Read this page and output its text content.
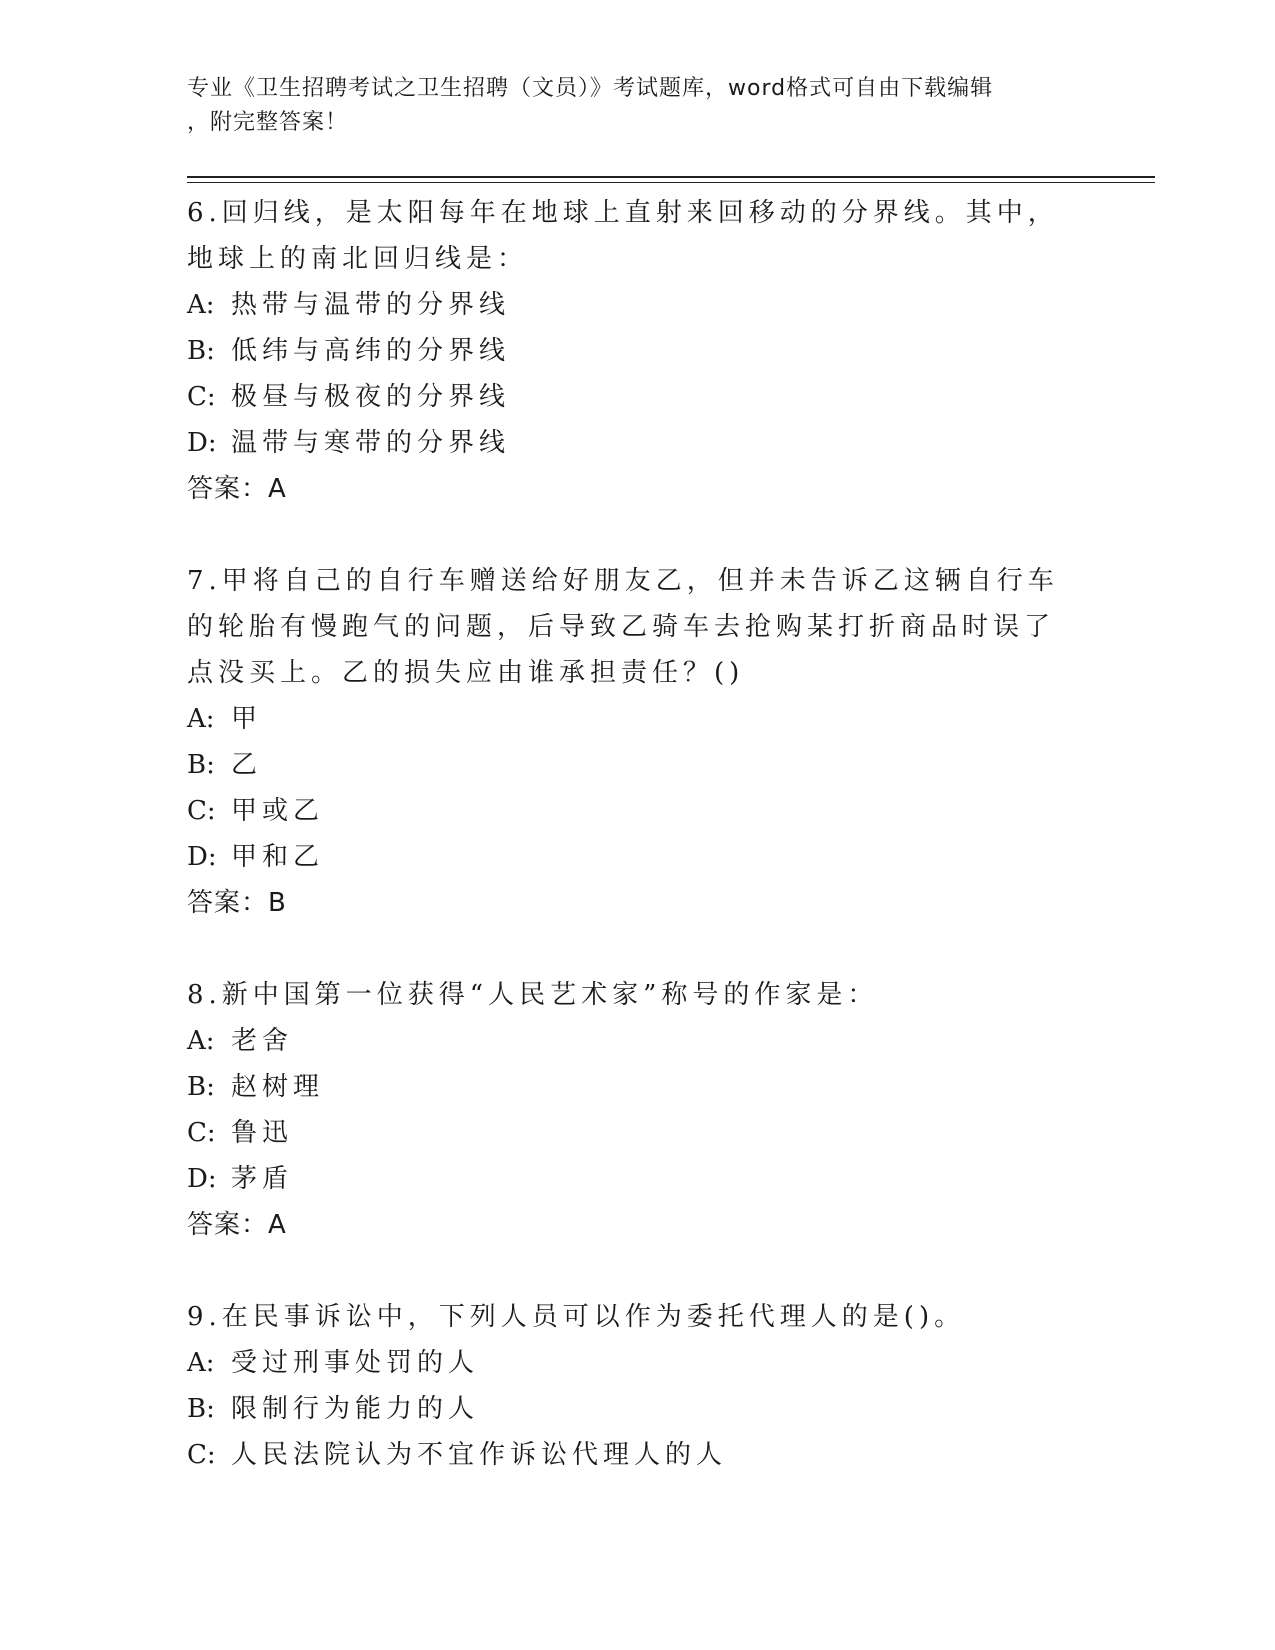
专业《卫生招聘考试之卫生招聘（文员）》考试题库，word格式可自由下载编辑
，附完整答案！
6.回归线，是太阳每年在地球上直射来回移动的分界线。其中，地球上的南北回归线是：
A: 热带与温带的分界线
B: 低纬与高纬的分界线
C: 极昼与极夜的分界线
D: 温带与寒带的分界线
答案：A
7.甲将自己的自行车赠送给好朋友乙，但并未告诉乙这辆自行车的轮胎有慢跑气的问题，后导致乙骑车去抢购某打折商品时误了点没买上。乙的损失应由谁承担责任？()
A: 甲
B: 乙
C: 甲或乙
D: 甲和乙
答案：B
8.新中国第一位获得“人民艺术家”称号的作家是：
A: 老舍
B: 赵树理
C: 鲁迅
D: 茅盾
答案：A
9.在民事诉讼中，下列人员可以作为委托代理人的是()。
A: 受过刑事处罚的人
B: 限制行为能力的人
C: 人民法院认为不宜作诉讼代理人的人
